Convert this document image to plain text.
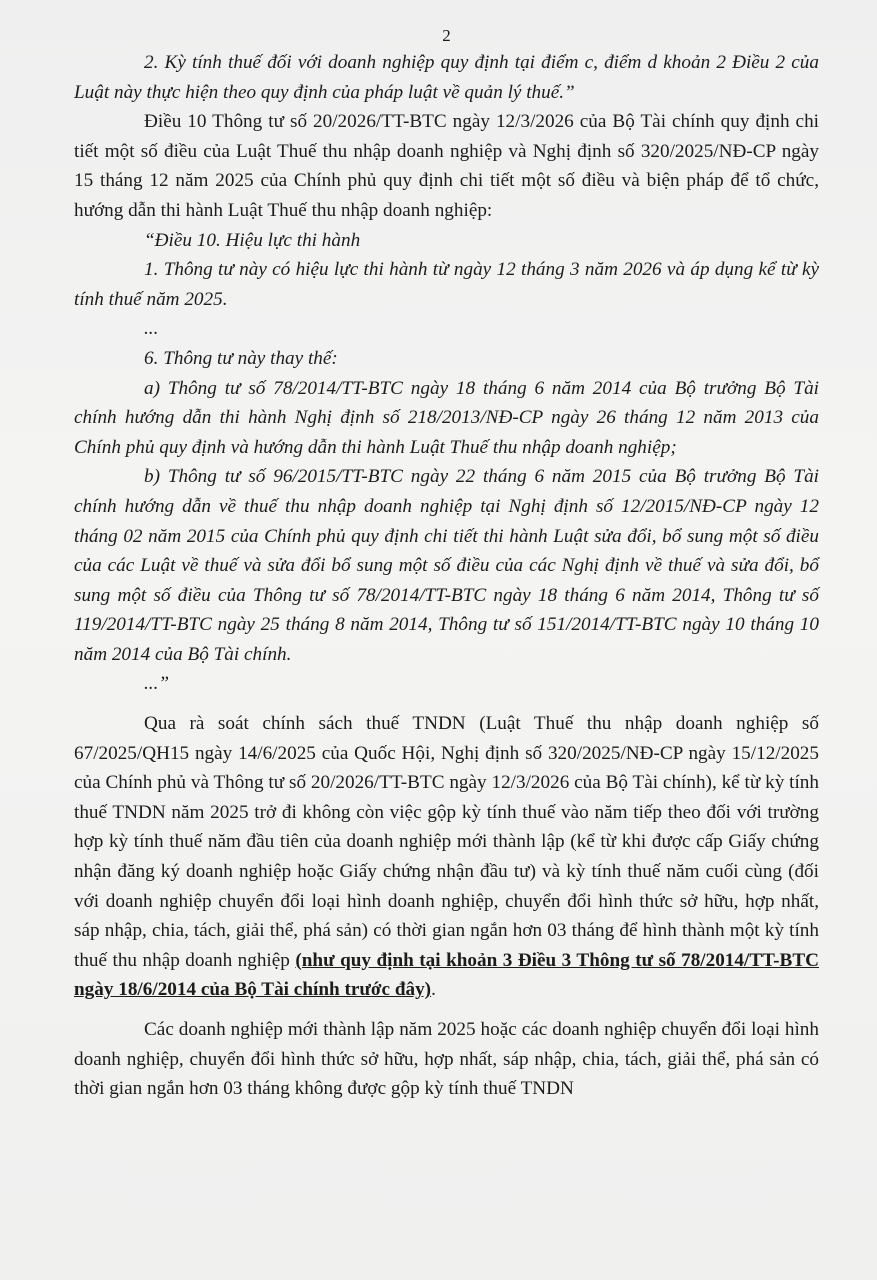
2

2. Kỳ tính thuế đối với doanh nghiệp quy định tại điểm c, điểm d khoản 2 Điều 2 của Luật này thực hiện theo quy định của pháp luật về quản lý thuế.”

Điều 10 Thông tư số 20/2026/TT-BTC ngày 12/3/2026 của Bộ Tài chính quy định chi tiết một số điều của Luật Thuế thu nhập doanh nghiệp và Nghị định số 320/2025/NĐ-CP ngày 15 tháng 12 năm 2025 của Chính phủ quy định chi tiết một số điều và biện pháp để tổ chức, hướng dẫn thi hành Luật Thuế thu nhập doanh nghiệp:

“Điều 10. Hiệu lực thi hành

1. Thông tư này có hiệu lực thi hành từ ngày 12 tháng 3 năm 2026 và áp dụng kể từ kỳ tính thuế năm 2025.

...

6. Thông tư này thay thế:

a) Thông tư số 78/2014/TT-BTC ngày 18 tháng 6 năm 2014 của Bộ trưởng Bộ Tài chính hướng dẫn thi hành Nghị định số 218/2013/NĐ-CP ngày 26 tháng 12 năm 2013 của Chính phủ quy định và hướng dẫn thi hành Luật Thuế thu nhập doanh nghiệp;

b) Thông tư số 96/2015/TT-BTC ngày 22 tháng 6 năm 2015 của Bộ trưởng Bộ Tài chính hướng dẫn về thuế thu nhập doanh nghiệp tại Nghị định số 12/2015/NĐ-CP ngày 12 tháng 02 năm 2015 của Chính phủ quy định chi tiết thi hành Luật sửa đổi, bổ sung một số điều của các Luật về thuế và sửa đổi bổ sung một số điều của các Nghị định về thuế và sửa đổi, bổ sung một số điều của Thông tư số 78/2014/TT-BTC ngày 18 tháng 6 năm 2014, Thông tư số 119/2014/TT-BTC ngày 25 tháng 8 năm 2014, Thông tư số 151/2014/TT-BTC ngày 10 tháng 10 năm 2014 của Bộ Tài chính.

...”

Qua rà soát chính sách thuế TNDN (Luật Thuế thu nhập doanh nghiệp số 67/2025/QH15 ngày 14/6/2025 của Quốc Hội, Nghị định số 320/2025/NĐ-CP ngày 15/12/2025 của Chính phủ và Thông tư số 20/2026/TT-BTC ngày 12/3/2026 của Bộ Tài chính), kể từ kỳ tính thuế TNDN năm 2025 trở đi không còn việc gộp kỳ tính thuế vào năm tiếp theo đối với trường hợp kỳ tính thuế năm đầu tiên của doanh nghiệp mới thành lập (kể từ khi được cấp Giấy chứng nhận đăng ký doanh nghiệp hoặc Giấy chứng nhận đầu tư) và kỳ tính thuế năm cuối cùng (đối với doanh nghiệp chuyển đổi loại hình doanh nghiệp, chuyển đổi hình thức sở hữu, hợp nhất, sáp nhập, chia, tách, giải thể, phá sản) có thời gian ngắn hơn 03 tháng để hình thành một kỳ tính thuế thu nhập doanh nghiệp (như quy định tại khoản 3 Điều 3 Thông tư số 78/2014/TT-BTC ngày 18/6/2014 của Bộ Tài chính trước đây).

Các doanh nghiệp mới thành lập năm 2025 hoặc các doanh nghiệp chuyển đổi loại hình doanh nghiệp, chuyển đổi hình thức sở hữu, hợp nhất, sáp nhập, chia, tách, giải thể, phá sản có thời gian ngắn hơn 03 tháng không được gộp kỳ tính thuế TNDN
